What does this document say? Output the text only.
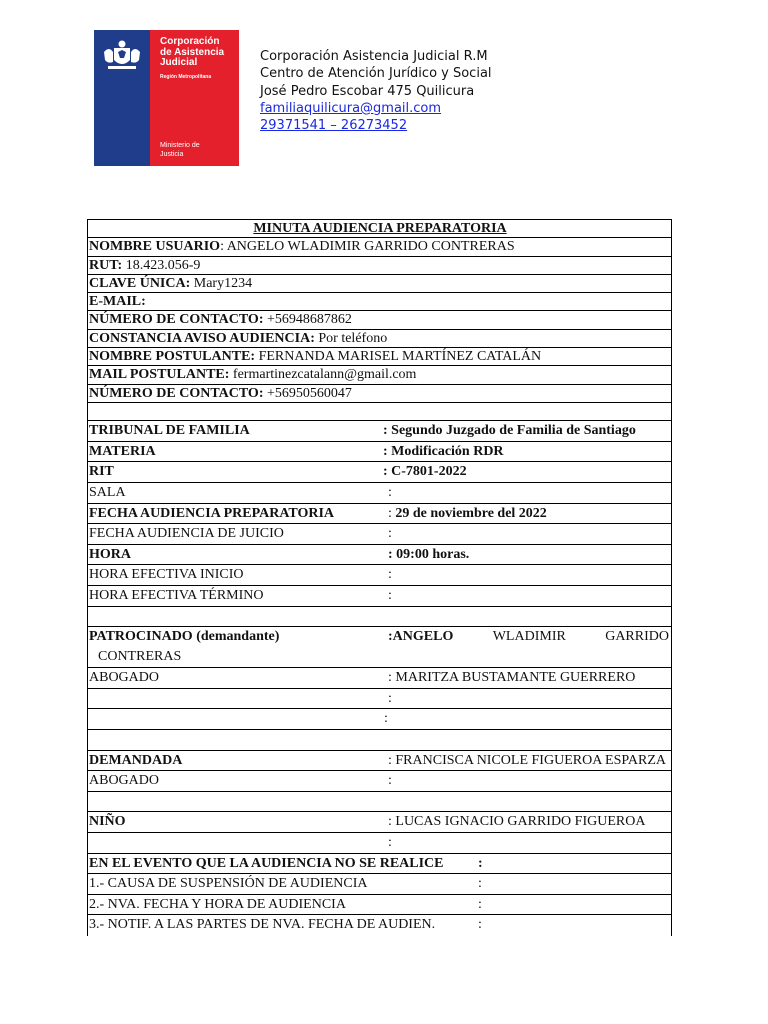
Corporación
de Asistencia
Judicial
Región Metropolitana
Ministerio de
Justicia
Corporación Asistencia Judicial R.M
Centro de Atención Jurídico y Social
José Pedro Escobar 475 Quilicura
familiaquilicura@gmail.com
29371541 – 26273452
MINUTA AUDIENCIA PREPARATORIA
NOMBRE USUARIO: ANGELO WLADIMIR GARRIDO CONTRERAS
RUT: 18.423.056-9
CLAVE ÚNICA: Mary1234
E-MAIL:
NÚMERO DE CONTACTO: +56948687862
CONSTANCIA AVISO AUDIENCIA: Por teléfono
NOMBRE POSTULANTE: FERNANDA MARISEL MARTÍNEZ CATALÁN
MAIL POSTULANTE: fermartinezcatalann@gmail.com
NÚMERO DE CONTACTO: +56950560047
TRIBUNAL DE FAMILIA	: Segundo Juzgado de Familia de Santiago
MATERIA	: Modificación RDR
RIT	: C-7801-2022
SALA	:
FECHA AUDIENCIA PREPARATORIA	: 29 de noviembre del 2022
FECHA AUDIENCIA DE JUICIO	:
HORA	: 09:00 horas.
HORA EFECTIVA INICIO	:
HORA EFECTIVA TÉRMINO	:
PATROCINADO (demandante)	:ANGELO	WLADIMIR	GARRIDO
CONTRERAS
ABOGADO	: MARITZA BUSTAMANTE GUERRERO
:
:
DEMANDADA	: FRANCISCA NICOLE FIGUEROA ESPARZA
ABOGADO	:
NIÑO	: LUCAS IGNACIO GARRIDO FIGUEROA
:
EN EL EVENTO QUE LA AUDIENCIA NO SE REALICE :
1.- CAUSA DE SUSPENSIÓN DE AUDIENCIA	:
2.- NVA. FECHA Y HORA DE AUDIENCIA	:
3.- NOTIF. A LAS PARTES DE NVA. FECHA DE AUDIEN.	:
